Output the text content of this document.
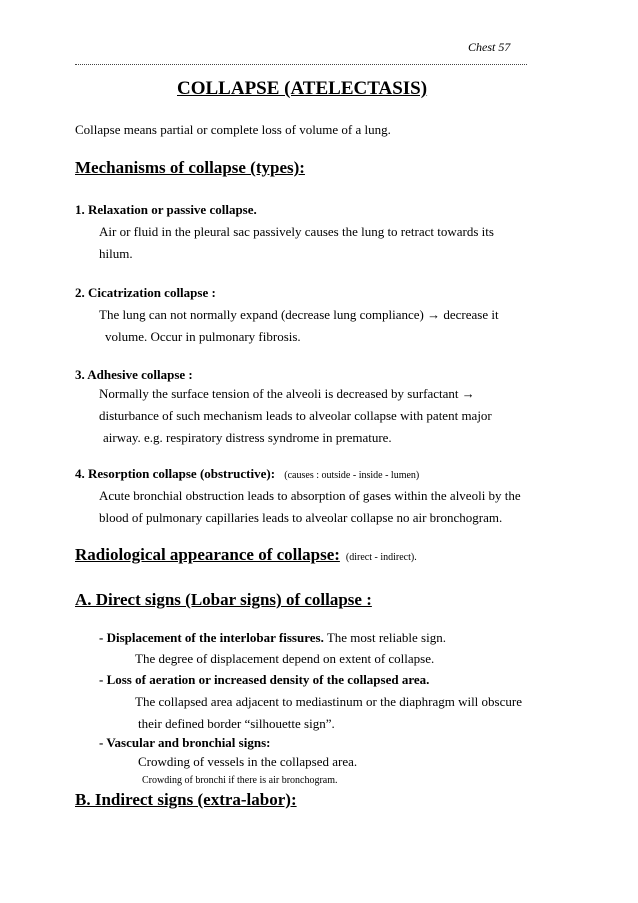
Chest 57
COLLAPSE (ATELECTASIS)
Collapse means partial or complete loss of volume of a lung.
Mechanisms of collapse (types):
1. Relaxation or passive collapse.
Air or fluid in the pleural sac passively causes the lung to retract towards its
hilum.
2. Cicatrization collapse :
The lung can not normally expand (decrease lung compliance) → decrease it
volume. Occur in pulmonary fibrosis.
3. Adhesive collapse :
Normally the surface tension of the alveoli is decreased by surfactant →
disturbance of such mechanism leads to alveolar collapse with patent major
airway. e.g. respiratory distress syndrome in premature.
4. Resorption collapse (obstructive): (causes : outside - inside - lumen)
Acute bronchial obstruction leads to absorption of gases within the alveoli by the
blood of pulmonary capillaries leads to alveolar collapse no air bronchogram.
Radiological appearance of collapse: (direct - indirect).
A. Direct signs (Lobar signs) of collapse :
- Displacement of the interlobar fissures. The most reliable sign.
The degree of displacement depend on extent of collapse.
- Loss of aeration or increased density of the collapsed area.
The collapsed area adjacent to mediastinum or the diaphragm will obscure
their defined border “silhouette sign”.
- Vascular and bronchial signs:
Crowding of vessels in the collapsed area.
Crowding of bronchi if there is air bronchogram.
B. Indirect signs (extra-labor):
